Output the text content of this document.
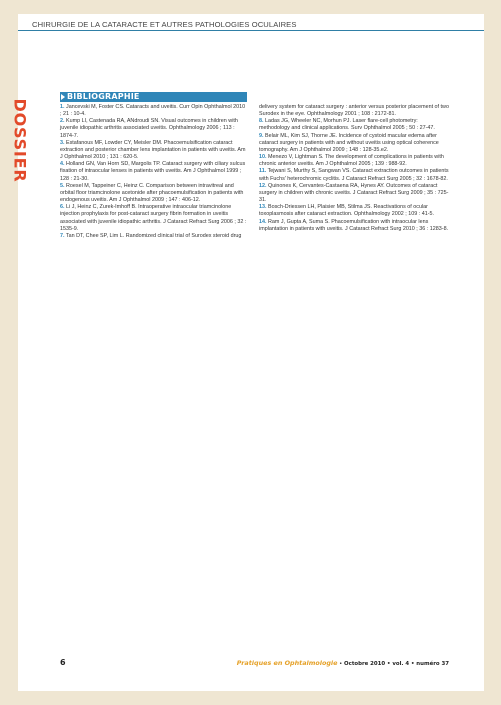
CHIRURGIE DE LA CATARACTE ET AUTRES PATHOLOGIES OCULAIRES
DOSSIER
BIBLIOGRAPHIE

1. Jancevski M, Foster CS. Cataracts and uveitis. Curr Opin Ophthalmol 2010 ; 21 : 10-4.

2. Kump LI, Castenada RA, ANdroudi SN. Visual outcomes in children with juvenile idiopathic arthritis associated uveitis. Ophthalmology 2006 ; 113 : 1874-7.

3. Estafanous MF, Lowder CY, Meisler DM. Phacoemulsification cataract extraction and posterior chamber lens implantation in patients with uveitis. Am J Ophthalmol 2010 ; 131 : 620-5.

4. Holland GN, Van Horn SD, Margolis TP. Cataract surgery with ciliary sulcus fixation of intraocular lenses in patients with uveitis. Am J Ophthalmol 1999 ; 128 : 21-30.

5. Roesel M, Tappeiner C, Heinz C. Comparison between intravitreal and orbital floor triamcinolone acetonide after phacoemulsification in patients with endogenous uveitis. Am J Ophthalmol 2009 ; 147 : 406-12.

6. Li J, Heinz C, Zurek-Imhoff B. Intraoperative intraocular triamcinolone injection prophylaxis for post-cataract surgery fibrin formation in uveitis associated with juvenile idiopathic arthritis. J Cataract Refract Surg 2006 ; 32 : 1535-9.

7. Tan DT, Chee SP, Lim L. Randomized clinical trial of Surodex steroid drug

delivery system for cataract surgery : anterior versus posterior placement of two Surodex in the eye. Ophthalmology 2001 ; 108 : 2172-81.

8. Ladas JG, Wheeler NC, Morhun PJ. Laser flare-cell photometry: methodology and clinical applications. Surv Ophthalmol 2005 ; 50 : 27-47.

9. Belair ML, Kim SJ, Thorne JE. Incidence of cystoid macular edema after cataract surgery in patients with and without uveitis using optical coherence tomography. Am J Ophthalmol 2009 ; 148 : 128-35.e2.

10. Menezo V, Lightman S. The development of complications in patients with chronic anterior uveitis. Am J Ophthalmol 2005 ; 139 : 988-92.

11. Tejwani S, Murthy S, Sangwan VS. Cataract extraction outcomes in patients with Fuchs' heterochromic cyclitis. J Cataract Refract Surg 2005 ; 32 : 1678-82.

12. Quinones K, Cervantes-Castaena RA, Hynes AY. Outcomes of cataract surgery in children with chronic uveitis. J Cataract Refract Surg 2009 ; 35 : 725-31.

13. Bosch-Driessen LH, Plaisier MB, Stilma JS. Reactivations of ocular toxoplasmosis after cataract extraction. Ophthalmology 2002 ; 109 : 41-5.

14. Ram J, Gupta A, Suma S. Phacoemulsification with intraocular lens implantation in patients with uveitis. J Cataract Refract Surg 2010 ; 36 : 1283-8.

6	Pratiques en Ophtalmologie • Octobre 2010 • vol. 4 • numéro 37
